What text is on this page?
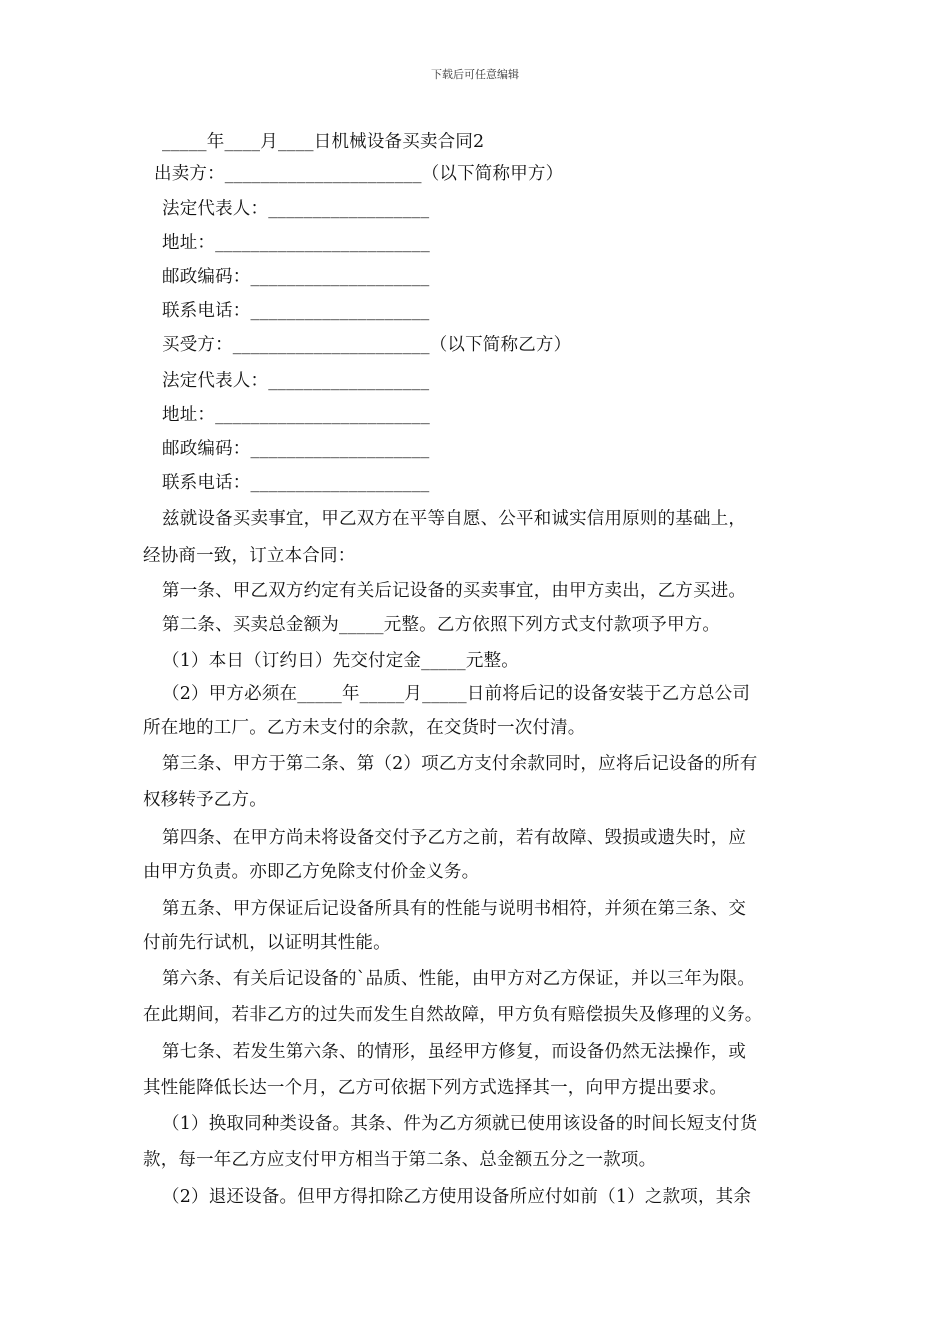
下载后可任意编辑
_____年____月____日机械设备买卖合同2
出卖方：______________________（以下简称甲方）
法定代表人：__________________
地址：________________________
邮政编码：____________________
联系电话：____________________
买受方：______________________（以下简称乙方）
法定代表人：__________________
地址：________________________
邮政编码：____________________
联系电话：____________________
兹就设备买卖事宜，甲乙双方在平等自愿、公平和诚实信用原则的基础上，
经协商一致，订立本合同：
第一条、甲乙双方约定有关后记设备的买卖事宜，由甲方卖出，乙方买进。
第二条、买卖总金额为_____元整。乙方依照下列方式支付款项予甲方。
（1）本日（订约日）先交付定金_____元整。
（2）甲方必须在_____年_____月_____日前将后记的设备安装于乙方总公司
所在地的工厂。乙方未支付的余款，在交货时一次付清。
第三条、甲方于第二条、第（2）项乙方支付余款同时，应将后记设备的所有
权移转予乙方。
第四条、在甲方尚未将设备交付予乙方之前，若有故障、毁损或遗失时，应
由甲方负责。亦即乙方免除支付价金义务。
第五条、甲方保证后记设备所具有的性能与说明书相符，并须在第三条、交
付前先行试机，以证明其性能。
第六条、有关后记设备的`品质、性能，由甲方对乙方保证，并以三年为限。
在此期间，若非乙方的过失而发生自然故障，甲方负有赔偿损失及修理的义务。
第七条、若发生第六条、的情形，虽经甲方修复，而设备仍然无法操作，或
其性能降低长达一个月，乙方可依据下列方式选择其一，向甲方提出要求。
（1）换取同种类设备。其条、件为乙方须就已使用该设备的时间长短支付货
款，每一年乙方应支付甲方相当于第二条、总金额五分之一款项。
（2）退还设备。但甲方得扣除乙方使用设备所应付如前（1）之款项，其余
